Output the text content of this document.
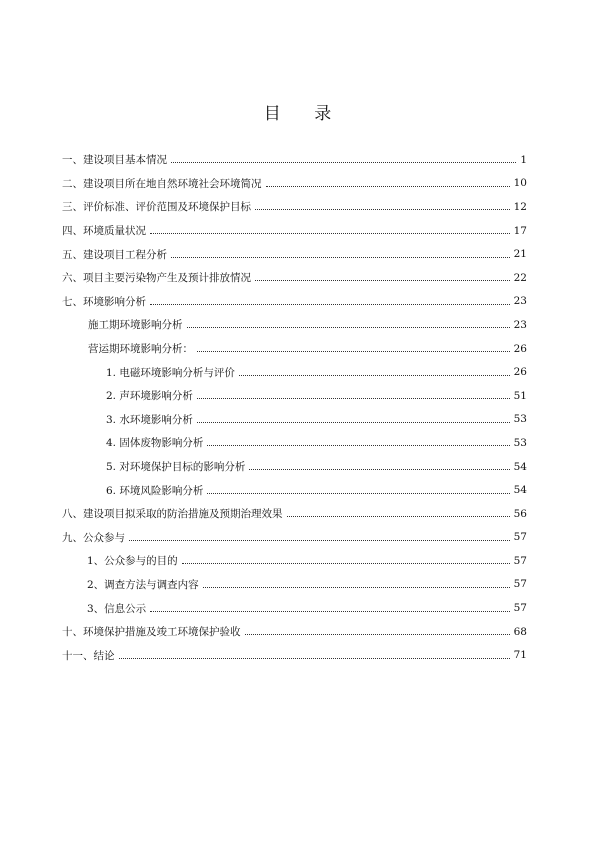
目 录
一、建设项目基本情况	1
二、建设项目所在地自然环境社会环境简况	10
三、评价标准、评价范围及环境保护目标	12
四、环境质量状况	17
五、建设项目工程分析	21
六、项目主要污染物产生及预计排放情况	22
七、环境影响分析	23
施工期环境影响分析	23
营运期环境影响分析：	26
1. 电磁环境影响分析与评价	26
2. 声环境影响分析	51
3. 水环境影响分析	53
4. 固体废物影响分析	53
5. 对环境保护目标的影响分析	54
6. 环境风险影响分析	54
八、建设项目拟采取的防治措施及预期治理效果	56
九、公众参与	57
1、公众参与的目的	57
2、调查方法与调查内容	57
3、信息公示	57
十、环境保护措施及竣工环境保护验收	68
十一、结论	71
